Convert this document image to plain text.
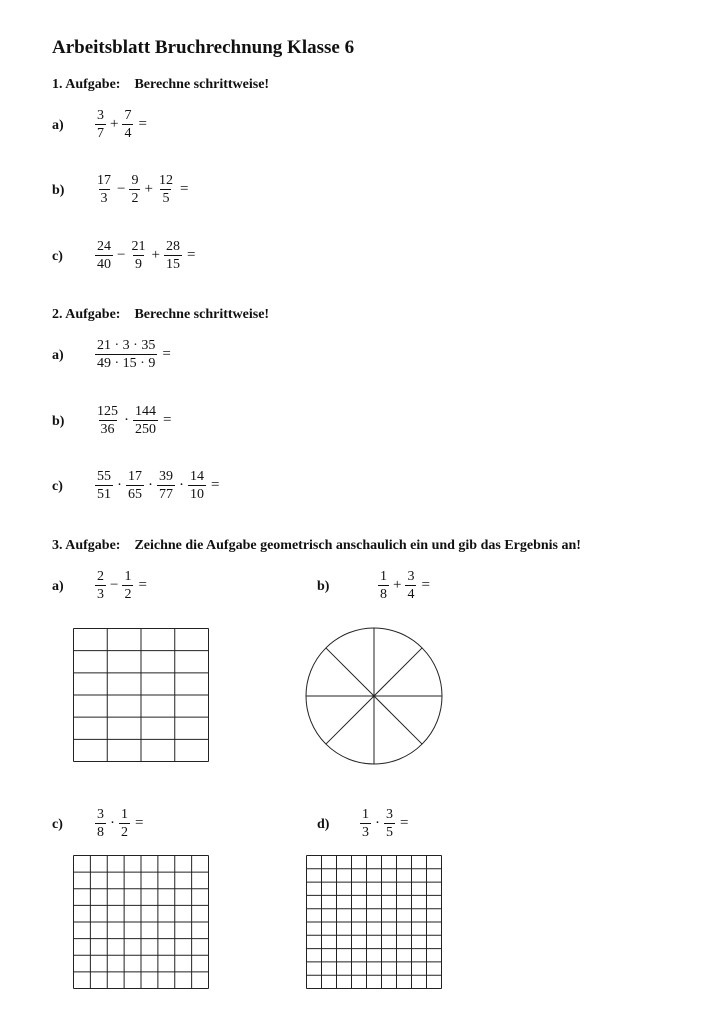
Arbeitsblatt Bruchrechnung Klasse 6
1. Aufgabe: Berechne schrittweise!
$a) \frac{3}{7} + \frac{7}{4}$ =
$b) \frac{17}{3} - \frac{9}{2} + \frac{12}{5}$ =
$c) \frac{24}{40} - \frac{21}{9} + \frac{28}{15}$ =
2. Aufgabe: Berechne schrittweise!
$a) \frac{21 \cdot 3 \cdot 35}{49 \cdot 15 \cdot 9}$ =
$b) \frac{125}{36} \cdot \frac{144}{250}$ =
$c) \frac{55}{51} \cdot \frac{17}{65} \cdot \frac{39}{77} \cdot \frac{14}{10}$ =
3. Aufgabe: Zeichne die Aufgabe geometrisch anschaulich ein und gib das Ergebnis an!
$a) \frac{2}{3} - \frac{1}{2}$ =	b)	$\frac{1}{8} + \frac{3}{4}$ =
$c) \frac{3}{8} \cdot \frac{1}{2}$ =	$d) \frac{1}{3} \cdot \frac{3}{5}$ =
